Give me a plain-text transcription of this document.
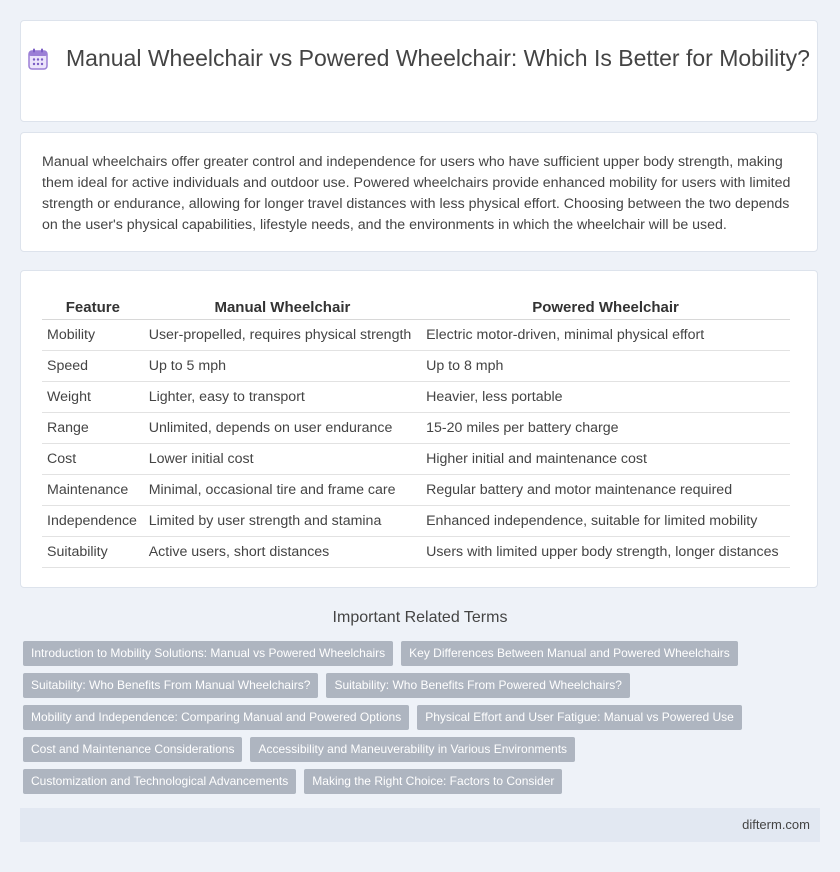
Manual Wheelchair vs Powered Wheelchair: Which Is Better for Mobility?

Manual wheelchairs offer greater control and independence for users who have sufficient upper body strength, making them ideal for active individuals and outdoor use. Powered wheelchairs provide enhanced mobility for users with limited strength or endurance, allowing for longer travel distances with less physical effort. Choosing between the two depends on the user's physical capabilities, lifestyle needs, and the environments in which the wheelchair will be used.

Feature	Manual Wheelchair	Powered Wheelchair
Mobility	User-propelled, requires physical strength	Electric motor-driven, minimal physical effort
Speed	Up to 5 mph	Up to 8 mph
Weight	Lighter, easy to transport	Heavier, less portable
Range	Unlimited, depends on user endurance	15-20 miles per battery charge
Cost	Lower initial cost	Higher initial and maintenance cost
Maintenance	Minimal, occasional tire and frame care	Regular battery and motor maintenance required
Independence	Limited by user strength and stamina	Enhanced independence, suitable for limited mobility
Suitability	Active users, short distances	Users with limited upper body strength, longer distances
Important Related Terms
Introduction to Mobility Solutions: Manual vs Powered Wheelchairs	Key Differences Between Manual and Powered Wheelchairs
Suitability: Who Benefits From Manual Wheelchairs?	Suitability: Who Benefits From Powered Wheelchairs?
Mobility and Independence: Comparing Manual and Powered Options	Physical Effort and User Fatigue: Manual vs Powered Use
Cost and Maintenance Considerations	Accessibility and Maneuverability in Various Environments
Customization and Technological Advancements	Making the Right Choice: Factors to Consider
difterm.com
